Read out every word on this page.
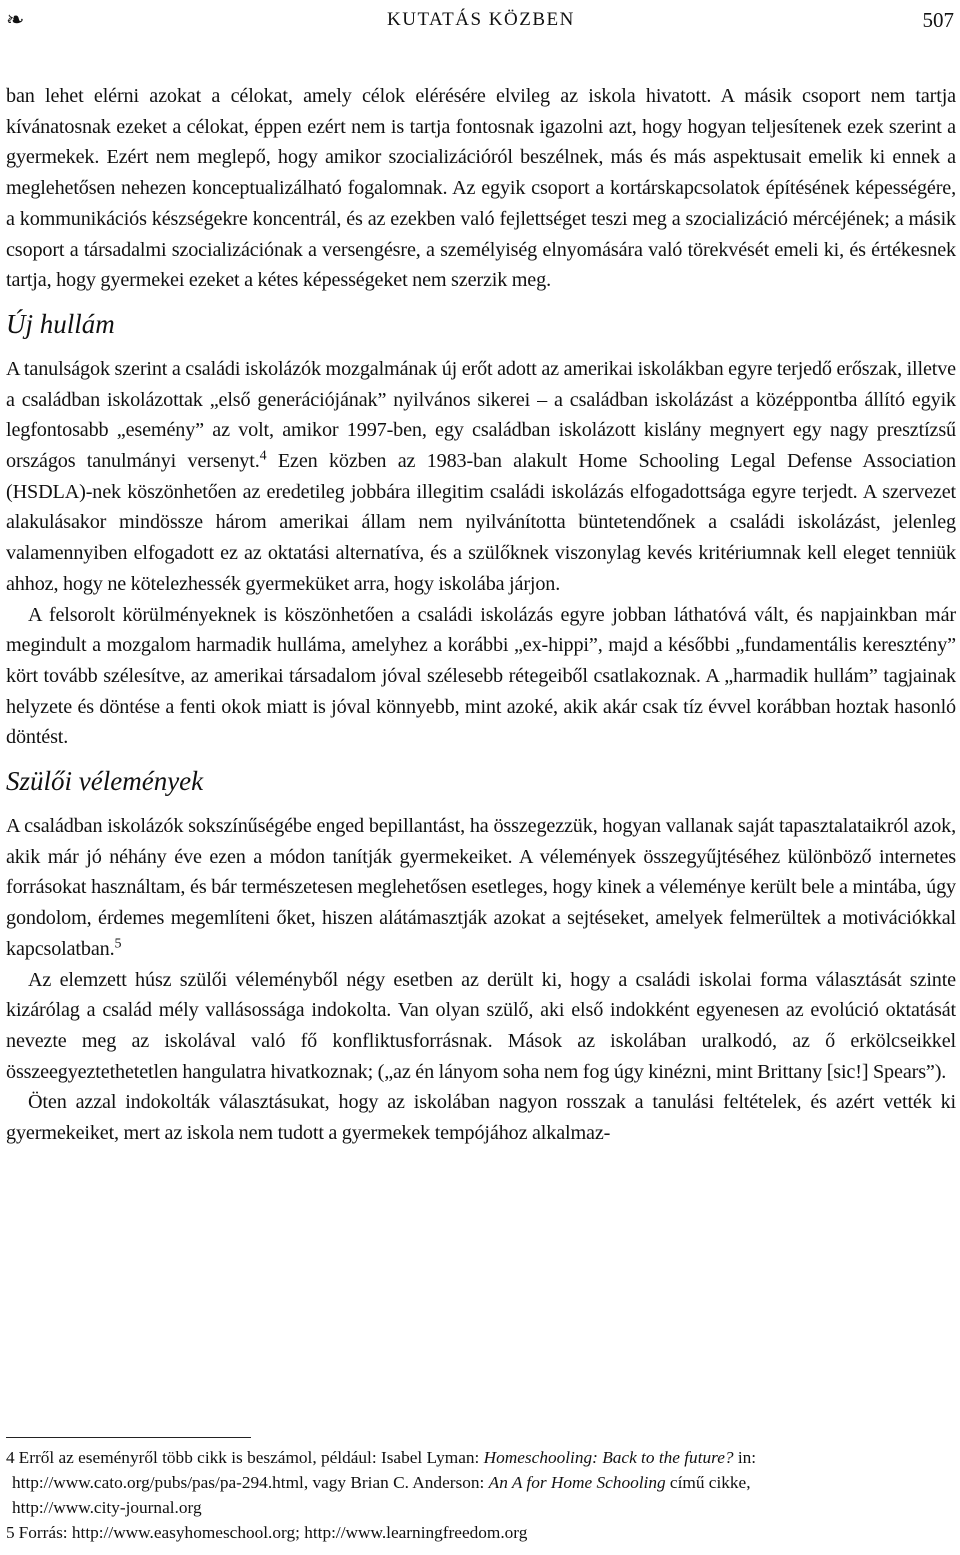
❧	KUTATÁS KÖZBEN	507

ban lehet elérni azokat a célokat, amely célok elérésére elvileg az iskola hivatott. A másik csoport nem tartja kívánatosnak ezeket a célokat, éppen ezért nem is tartja fontosnak igazolni azt, hogy hogyan teljesítenek ezek szerint a gyermekek. Ezért nem meglepő, hogy amikor szocializációról beszélnek, más és más aspektusait emelik ki ennek a meglehetősen nehezen konceptualizálható fogalomnak. Az egyik csoport a kortárskapcsolatok építésének képességére, a kommunikációs készségekre koncentrál, és az ezekben való fejlettséget teszi meg a szocializáció mércéjének; a másik csoport a társadalmi szocializációnak a versengésre, a személyiség elnyomására való törekvését emeli ki, és értékesnek tartja, hogy gyermekei ezeket a kétes képességeket nem szerzik meg.

Új hullám

A tanulságok szerint a családi iskolázók mozgalmának új erőt adott az amerikai iskolákban egyre terjedő erőszak, illetve a családban iskolázottak „első generációjának” nyilvános sikerei – a családban iskolázást a középpontba állító egyik legfontosabb „esemény” az volt, amikor 1997-ben, egy családban iskolázott kislány megnyert egy nagy presztízsű országos tanulmányi versenyt.$^4$ Ezen közben az 1983-ban alakult Home Schooling Legal Defense Association (HSDLA)-nek köszönhetően az eredetileg jobbára illegitim családi iskolázás elfogadottsága egyre terjedt. A szervezet alakulásakor mindössze három amerikai állam nem nyilvánította büntetendőnek a családi iskolázást, jelenleg valamennyiben elfogadott ez az oktatási alternatíva, és a szülőknek viszonylag kevés kritériumnak kell eleget tenniük ahhoz, hogy ne kötelezhessék gyermeküket arra, hogy iskolába járjon.

A felsorolt körülményeknek is köszönhetően a családi iskolázás egyre jobban láthatóvá vált, és napjainkban már megindult a mozgalom harmadik hulláma, amelyhez a korábbi „ex-hippi”, majd a későbbi „fundamentális keresztény” kört tovább szélesítve, az amerikai társadalom jóval szélesebb rétegeiből csatlakoznak. A „harmadik hullám” tagjainak helyzete és döntése a fenti okok miatt is jóval könnyebb, mint azoké, akik akár csak tíz évvel korábban hoztak hasonló döntést.

Szülői vélemények

A családban iskolázók sokszínűségébe enged bepillantást, ha összegezzük, hogyan vallanak saját tapasztalataikról azok, akik már jó néhány éve ezen a módon tanítják gyermekeiket. A vélemények összegyűjtéséhez különböző internetes forrásokat használtam, és bár természetesen meglehetősen esetleges, hogy kinek a véleménye került bele a mintába, úgy gondolom, érdemes megemlíteni őket, hiszen alátámasztják azokat a sejtéseket, amelyek felmerültek a motivációkkal kapcsolatban.$^5$

Az elemzett húsz szülői véleményből négy esetben az derült ki, hogy a családi iskolai forma választását szinte kizárólag a család mély vallásossága indokolta. Van olyan szülő, aki első indokként egyenesen az evolúció oktatását nevezte meg az iskolával való fő konfliktusforrásnak. Mások az iskolában uralkodó, az ő erkölcseikkel összeegyeztethetetlen hangulatra hivatkoznak; („az én lányom soha nem fog úgy kinézni, mint Brittany [sic!] Spears”).

Öten azzal indokolták választásukat, hogy az iskolában nagyon rosszak a tanulási feltételek, és azért vették ki gyermekeiket, mert az iskola nem tudott a gyermekek tempójához alkalmaz-

4 Erről az eseményről több cikk is beszámol, például: Isabel Lyman: Homeschooling: Back to the future? in:
http://www.cato.org/pubs/pas/pa-294.html, vagy Brian C. Anderson: An A for Home Schooling című cikke,
http://www.city-journal.org

5 Forrás: http://www.easyhomeschool.org; http://www.learningfreedom.org
